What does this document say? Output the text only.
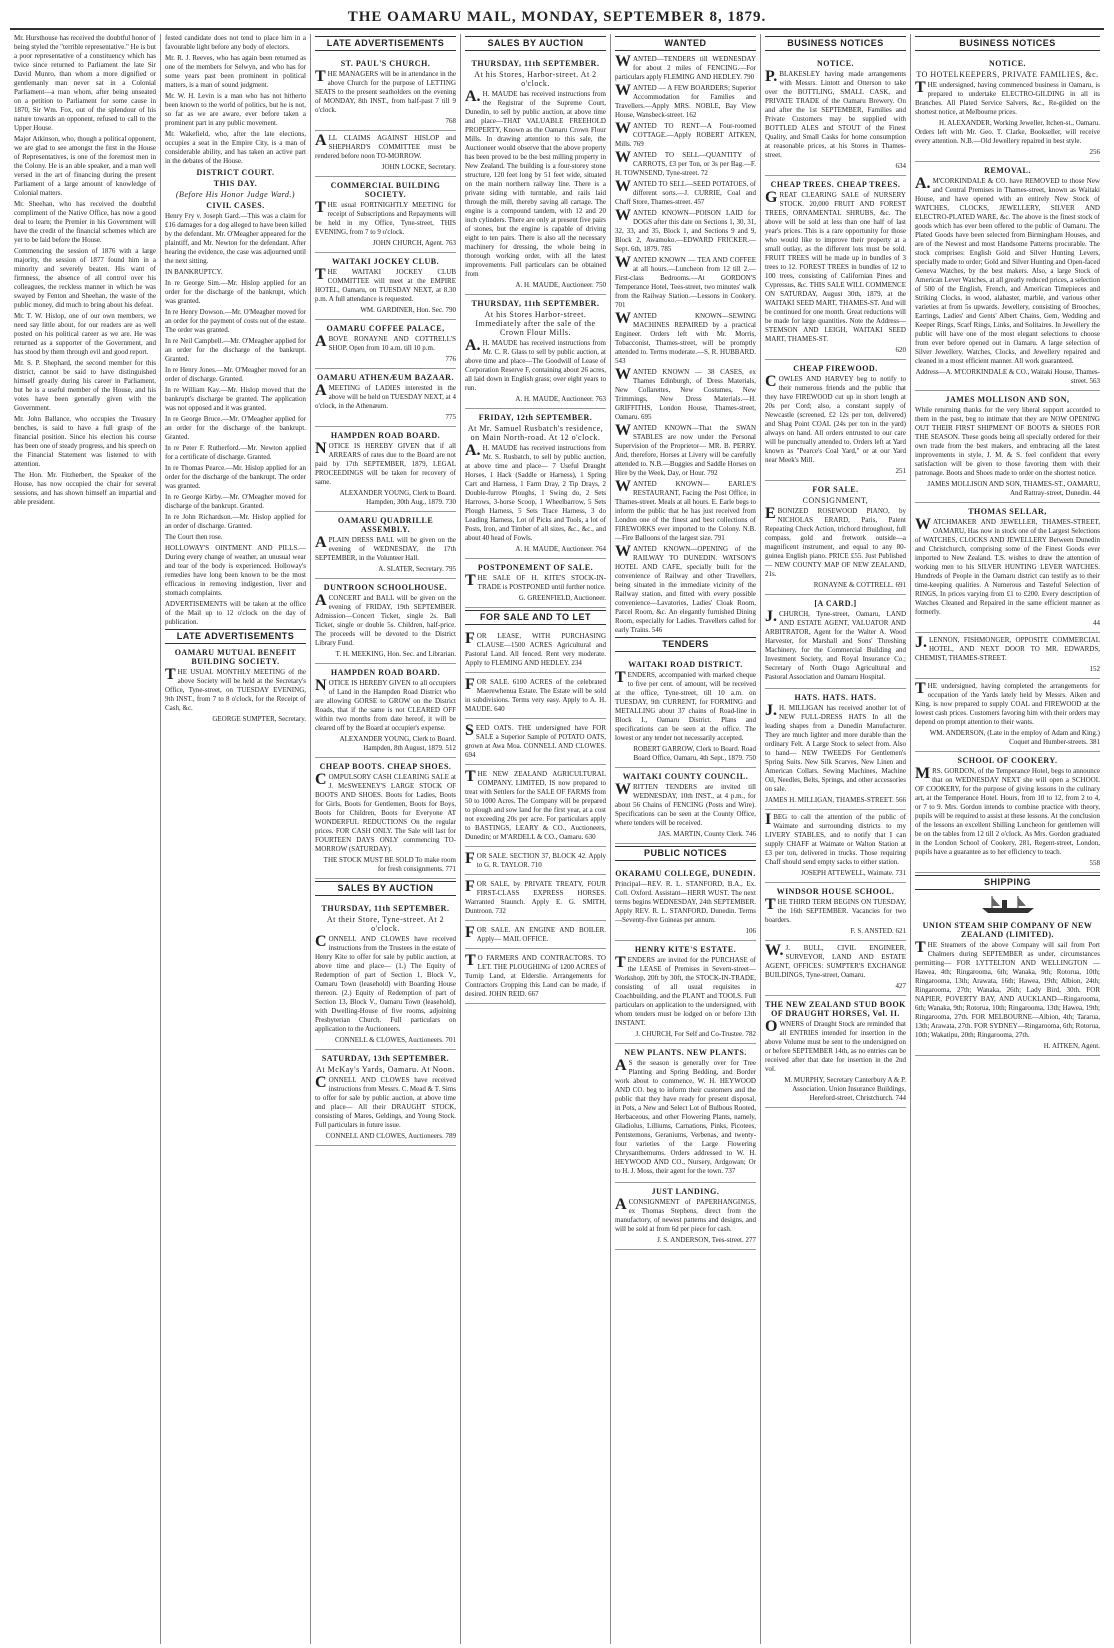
THE OAMARU MAIL, MONDAY, SEPTEMBER 8, 1879.

Mr. Hursthouse has received the doubtful honor of being styled the "terrible representative." He is but a poor representative of a constituency which has twice since returned to Parliament the late Sir David Munro, than whom a more dignified or gentlemanly man never sat in a Colonial Parliament—a man whom, after being unseated on a petition to Parliament for some cause in 1870, Sir Wm. Fox, out of the splendour of his nature towards an opponent, refused to call to the Upper House.

Major Atkinson, who, though a political opponent, we are glad to see amongst the first in the House of Representatives, is one of the foremost men in the Colony. He is an able speaker, and a man well versed in the art of financing during the present Parliament of a large amount of knowledge of Colonial matters.

Mr. Sheehan, who has received the doubtful compliment of the Native Office, has now a good deal to learn; the Premier in his Government will have the credit of the financial schemes which are yet to be laid before the House.

Commencing the session of 1876 with a large majority, the session of 1877 found him in a minority and severely beaten. His want of firmness, the absence of all control over his colleagues, the reckless manner in which he was swayed by Fenton and Sheehan, the waste of the public money, did much to bring about his defeat.

Mr. T. W. Hislop, one of our own members, we need say little about, for our readers are as well posted on his political career as we are. He was returned as a supporter of the Government, and has stood by them through evil and good report.

Mr. S. P. Shephard, the second member for this district, cannot be said to have distinguished himself greatly during his career in Parliament, but he is a useful member of the House, and his votes have been generally given with the Government.

Mr. John Ballance, who occupies the Treasury benches, is said to have a full grasp of the financial position. Since his election his course has been one of steady progress, and his speech on the Financial Statement was listened to with attention.

The Hon. Mr. Fitzherbert, the Speaker of the House, has now occupied the chair for several sessions, and has shown himself an impartial and able president.

fested candidate does not tend to place him in a favourable light before any body of electors.

Mr. R. J. Reeves, who has again been returned as one of the members for Selwyn, and who has for some years past been prominent in political matters, is a man of sound judgment.

Mr. W. H. Levin is a man who has not hitherto been known to the world of politics, but he is not, so far as we are aware, ever before taken a prominent part in any public movement.

Mr. Wakefield, who, after the late elections, occupies a seat in the Empire City, is a man of considerable ability, and has taken an active part in the debates of the House.

DISTRICT COURT.
THIS DAY.
(Before His Honor Judge Ward.)
CIVIL CASES.

Henry Fry v. Joseph Gard.—This was a claim for £16 damages for a dog alleged to have been killed by the defendant. Mr. O'Meagher appeared for the plaintiff, and Mr. Newton for the defendant. After hearing the evidence, the case was adjourned until the next sitting.

IN BANKRUPTCY.

In re George Sim.—Mr. Hislop applied for an order for the discharge of the bankrupt, which was granted.

In re Henry Dowson.—Mr. O'Meagher moved for an order for the payment of costs out of the estate. The order was granted.

In re Neil Campbell.—Mr. O'Meagher applied for an order for the discharge of the bankrupt. Granted.

In re Henry Jones.—Mr. O'Meagher moved for an order of discharge. Granted.

In re William Kay.—Mr. Hislop moved that the bankrupt's discharge be granted. The application was not opposed and it was granted.

In re George Bruce.—Mr. O'Meagher applied for an order for the discharge of the bankrupt. Granted.

In re Peter F. Rutherford.—Mr. Newton applied for a certificate of discharge. Granted.

In re Thomas Pearce.—Mr. Hislop applied for an order for the discharge of the bankrupt. The order was granted.

In re George Kirby.—Mr. O'Meagher moved for discharge of the bankrupt. Granted.

In re John Richardson.—Mr. Hislop applied for an order of discharge. Granted.

The Court then rose.

HOLLOWAY'S OINTMENT AND PILLS.—During every change of weather, an unusual wear and tear of the body is experienced. Holloway's remedies have long been known to be the most efficacious in removing indigestion, liver and stomach complaints.

ADVERTISEMENTS will be taken at the office of the Mail up to 12 o'clock on the day of publication.

LATE ADVERTISEMENTS
OAMARU MUTUAL BENEFIT BUILDING SOCIETY.

THE USUAL MONTHLY MEETING of the above Society will be held at the Secretary's Office, Tyne-street, on TUESDAY EVENING, 9th INST., from 7 to 8 o'clock, for the Receipt of Cash, &c.

GEORGE SUMPTER, Secretary.
LATE ADVERTISEMENTS
ST. PAUL'S CHURCH.

THE MANAGERS will be in attendance in the above Church for the purpose of LETTING SEATS to the present seatholders on the evening of MONDAY, 8th INST., from half-past 7 till 9 o'clock.

768

ALL CLAIMS AGAINST HISLOP and SHEPHARD'S COMMITTEE must be rendered before noon TO-MORROW.

JOHN LOCKE, Secretary.
COMMERCIAL BUILDING SOCIETY.

THE usual FORTNIGHTLY MEETING for receipt of Subscriptions and Repayments will be held in my Office, Tyne-street, THIS EVENING, from 7 to 9 o'clock.

JOHN CHURCH, Agent. 763
WAITAKI JOCKEY CLUB.

THE WAITAKI JOCKEY CLUB COMMITTEE will meet at the EMPIRE HOTEL, Oamaru, on TUESDAY NEXT, at 8.30 p.m. A full attendance is requested.

WM. GARDINER, Hon. Sec. 790
OAMARU COFFEE PALACE,

ABOVE RONAYNE AND COTTRELL'S SHOP. Open from 10 a.m. till 10 p.m.

776
OAMARU ATHENÆUM BAZAAR.

AMEETING of LADIES interested in the above will be held on TUESDAY NEXT, at 4 o'clock, in the Athenæum.

775
HAMPDEN ROAD BOARD.

NOTICE IS HEREBY GIVEN that if all ARREARS of rates due to the Board are not paid by 17th SEPTEMBER, 1879, LEGAL PROCEEDINGS will be taken for recovery of same.

ALEXANDER YOUNG, Clerk to Board. Hampden, 30th Aug., 1879. 730
OAMARU QUADRILLE ASSEMBLY.

APLAIN DRESS BALL will be given on the evening of WEDNESDAY, the 17th SEPTEMBER, in the Volunteer Hall.

A. SLATER, Secretary. 795
DUNTROON SCHOOLHOUSE.

ACONCERT and BALL will be given on the evening of FRIDAY, 19th SEPTEMBER. Admission—Concert Ticket, single 2s. Ball Ticket, single or double 5s. Children, half-price. The proceeds will be devoted to the District Library Fund.

T. H. MEEKING, Hon. Sec. and Librarian.
HAMPDEN ROAD BOARD.

NOTICE IS HEREBY GIVEN to all occupiers of Land in the Hampden Road District who are allowing GORSE to GROW on the District Roads, that if the same is not CLEARED OFF within two months from date hereof, it will be cleared off by the Board at occupier's expense.

ALEXANDER YOUNG, Clerk to Board. Hampden, 8th August, 1879. 512
CHEAP BOOTS. CHEAP SHOES.

COMPULSORY CASH CLEARING SALE at J. McSWEENEY'S LARGE STOCK OF BOOTS AND SHOES. Boots for Ladies, Boots for Girls, Boots for Gentlemen, Boots for Boys, Boots for Children, Boots for Everyone AT WONDERFUL REDUCTIONS On the regular prices. FOR CASH ONLY. The Sale will last for FOURTEEN DAYS ONLY commencing TO-MORROW (SATURDAY).

THE STOCK MUST BE SOLD To make room for fresh consignments. 771
SALES BY AUCTION
THURSDAY, 11th SEPTEMBER.
At their Store, Tyne-street. At 2 o'clock.

CONNELL AND CLOWES have received instructions from the Trustees in the estate of Henry Kite to offer for sale by public auction, at above time and place— (1.) The Equity of Redemption of part of Section 1, Block V., Oamaru Town (leasehold) with Boarding House thereon. (2.) Equity of Redemption of part of Section 13, Block V., Oamaru Town (leasehold), with Dwelling-House of five rooms, adjoining Presbyterian Church. Full particulars on application to the Auctioneers.

CONNELL & CLOWES, Auctioneers. 701
SATURDAY, 13th SEPTEMBER.
At McKay's Yards, Oamaru. At Noon.

CONNELL AND CLOWES have received instructions from Messrs. C. Mead & T. Sims to offer for sale by public auction, at above time and place— All their DRAUGHT STOCK, consisting of Mares, Geldings, and Young Stock. Full particulars in future issue.

CONNELL AND CLOWES, Auctioneers. 789
SALES BY AUCTION
THURSDAY, 11th SEPTEMBER.
At his Stores, Harbor-street. At 2 o'clock.

A.H. MAUDE has received instructions from the Registrar of the Supreme Court, Dunedin, to sell by public auction, at above time and place—THAT VALUABLE FREEHOLD PROPERTY, Known as the Oamaru Crown Flour Mills. In drawing attention to this sale, the Auctioneer would observe that the above property has been proved to be the best milling property in New Zealand. The building is a four-storey stone structure, 120 feet long by 51 feet wide, situated on the main northern railway line. There is a private siding with turntable, and rails laid through the mill, thereby saving all cartage. The engine is a compound tandem, with 12 and 20 inch cylinders. There are only at present five pairs of stones, but the engine is capable of driving eight to ten pairs. There is also all the necessary machinery for dressing, the whole being in thorough working order, with all the latest improvements. Full particulars can be obtained from

A. H. MAUDE, Auctioneer. 750
THURSDAY, 11th SEPTEMBER.
At his Stores Harbor-street. Immediately after the sale of the Crown Flour Mills.

A.H. MAUDE has received instructions from Mr. C. R. Glass to sell by public auction, at above time and place—The Goodwill of Lease of Corporation Reserve F, containing about 26 acres, all laid down in English grass; over eight years to run.

A. H. MAUDE, Auctioneer. 763
FRIDAY, 12th SEPTEMBER.
At Mr. Samuel Rusbatch's residence, on Main North-road. At 12 o'clock.

A.H. MAUDE has received instructions from Mr. S. Rusbatch, to sell by public auction, at above time and place— 7 Useful Draught Horses, 1 Hack (Saddle or Harness), 1 Spring Cart and Harness, 1 Farm Dray, 2 Tip Drays, 2 Double-furrow Ploughs, 1 Swing do, 2 Sets Harrows, 3-horse Scoop, 1 Wheelbarrow, 5 Sets Plough Harness, 5 Sets Trace Harness, 3 do Leading Harness, Lot of Picks and Tools, a lot of Posts, Iron, and Timber of all sizes, &c., &c., and about 40 head of Fowls.

A. H. MAUDE, Auctioneer. 764
POSTPONEMENT OF SALE.

THE SALE OF H. KITE'S STOCK-IN-TRADE is POSTPONED until further notice.

G. GREENFIELD, Auctioneer.
FOR SALE AND TO LET

FOR LEASE, WITH PURCHASING CLAUSE—1500 ACRES Agricultural and Pastoral Land. All fenced. Rent very moderate. Apply to FLEMING AND HEDLEY. 234

FOR SALE. 6100 ACRES of the celebrated Maerewhenua Estate. The Estate will be sold in subdivisions. Terms very easy. Apply to A. H. MAUDE. 640

SEED OATS. THE undersigned have FOR SALE a Superior Sample of POTATO OATS, grown at Awa Moa. CONNELL AND CLOWES. 694

THE NEW ZEALAND AGRICULTURAL COMPANY, LIMITED, IS now prepared to treat with Settlers for the SALE OF FARMS from 50 to 1000 Acres. The Company will be prepared to plough and sow land for the first year, at a cost not exceeding 20s per acre. For particulars apply to BASTINGS, LEARY & CO., Auctioneers, Dunedin; or M'ARDELL & CO., Oamaru. 630

FOR SALE. SECTION 37, BLOCK 42. Apply to G. R. TAYLOR. 710

FOR SALE, by PRIVATE TREATY, FOUR FIRST-CLASS EXPRESS HORSES. Warranted Staunch. Apply E. G. SMITH, Duntroon. 732

FOR SALE. AN ENGINE AND BOILER. Apply— MAIL OFFICE.

TO FARMERS AND CONTRACTORS. TO LET. THE PLOUGHING of 1200 ACRES of Turnip Land, at Elderslie. Arrangements for Contractors Cropping this Land can be made, if desired. JOHN REID. 667

WANTED

WANTED—TENDERS till WEDNESDAY for about 2 miles of FENCING.—For particulars apply FLEMING AND HEDLEY. 790

WANTED — A FEW BOARDERS; Superior Accommodation for Families and Travellers.—Apply MRS. NOBLE, Bay View House, Wansbeck-street. 162

WANTED TO RENT—A Four-roomed COTTAGE.—Apply ROBERT AITKEN, Mills. 769

WANTED TO SELL—QUANTITY of CARROTS, £3 per Ton, or 3s per Bag.—F. H. TOWNSEND, Tyne-street. 72

WANTED TO SELL—SEED POTATOES, of different sorts.—J. CURRIE, Coal and Chaff Store, Thames-street. 457

WANTED KNOWN—POISON LAID for DOGS after this date on Sections 1, 30, 31, 32, 33, and 35, Block 1, and Sections 9 and 9, Block 2, Awamoko.—EDWARD FRICKER.—Sept. 6th, 1879. 785

WANTED KNOWN — TEA AND COFFEE at all hours.—Luncheon from 12 till 2.—First-class Bedrooms.—At GORDON'S Temperance Hotel, Tees-street, two minutes' walk from the Railway Station.—Lessons in Cookery. 701

WANTED KNOWN—SEWING MACHINES REPAIRED by a practical Engineer. Orders left with Mr. Morris, Tobacconist, Thames-street, will be promptly attended to. Terms moderate.—S. R. HUBBARD. 543

WANTED KNOWN — 38 CASES, ex Thames Edinburgh, of Dress Materials, New Collarettes, New Costumes, New Trimmings, New Dress Materials.—H. GRIFFITHS, London House, Thames-street, Oamaru. 695

WANTED KNOWN—That the SWAN STABLES are now under the Personal Supervision of the Proprietor— MR. B. PERRY. And, therefore, Horses at Livery will be carefully attended to. N.B.—Buggies and Saddle Horses on Hire by the Week, Day, or Hour. 792

WANTED KNOWN— EARLE'S RESTAURANT, Facing the Post Office, in Thames-street. Meals at all hours. E. Earle begs to inform the public that he has just received from London one of the finest and best collections of FIREWORKS ever imported to the Colony. N.B.—Fire Balloons of the largest size. 791

WANTED KNOWN—OPENING of the RAILWAY TO DUNEDIN. WATSON'S HOTEL AND CAFE, specially built for the convenience of Railway and other Travellers, being situated in the immediate vicinity of the Railway station, and fitted with every possible convenience—Lavatories, Ladies' Cloak Room, Parcel Room, &c. An elegantly furnished Dining Room, especially for Ladies. Travellers called for early Trains. 546

TENDERS
WAITAKI ROAD DISTRICT.

TENDERS, accompanied with marked cheque to five per cent. of amount, will be received at the office, Tyne-street, till 10 a.m. on TUESDAY, 9th CURRENT, for FORMING and METALLING about 37 chains of Road-line in Block I., Oamaru District. Plans and specifications can be seen at the office. The lowest or any tender not necessarily accepted.

ROBERT GARROW, Clerk to Board. Road Board Office, Oamaru, 4th Sept., 1879. 750
WAITAKI COUNTY COUNCIL.

WRITTEN TENDERS are invited till WEDNESDAY, 10th INST., at 4 p.m., for about 56 Chains of FENCING (Posts and Wire). Specifications can be seen at the County Office, where tenders will be received.

JAS. MARTIN, County Clerk. 746
PUBLIC NOTICES
OKARAMU COLLEGE, DUNEDIN.

Principal—REV. R. L. STANFORD, B.A., Ex. Coll. Oxford. Assistant—HERR WUST. The next terms begins WEDNESDAY, 24th SEPTEMBER. Apply REV. R. L. STANFORD, Dunedin. Terms—Seventy-five Guineas per annum.

106
HENRY KITE'S ESTATE.

TENDERS are invited for the PURCHASE of the LEASE of Premises in Severn-street—Workshop, 20ft by 30ft, the STOCK-IN-TRADE, consisting of all usual requisites in Coachbuilding, and the PLANT and TOOLS. Full particulars on application to the undersigned, with whom tenders must be lodged on or before 13th INSTANT.

J. CHURCH, For Self and Co-Trustee. 782
NEW PLANTS. NEW PLANTS.

AS the season is generally over for Tree Planting and Spring Bedding, and Border work about to commence, W. H. HEYWOOD AND CO. beg to inform their customers and the public that they have ready for present disposal, in Pots, a New and Select Lot of Bulbous Rooted, Herbaceous, and other Flowering Plants, namely, Gladiolus, Lilliums, Carnations, Pinks, Picotees, Pentstemons, Geraniums, Verbenas, and twenty-four varieties of the Large Flowering Chrysanthemums. Orders addressed to W. H. HEYWOOD AND CO., Nursery, Ardgowan; Or to H. J. Moss, their agent for the town. 737

JUST LANDING.

ACONSIGNMENT of PAPERHANGINGS, ex Thomas Stephens, direct from the manufactory, of newest patterns and designs, and will be sold at from 6d per piece for cash.

J. S. ANDERSON, Tees-street. 277
BUSINESS NOTICES
NOTICE.

P.BLAKESLEY having made arrangements with Messrs. Lintott and Otterson to take over the BOTTLING, SMALL CASK, and PRIVATE TRADE of the Oamaru Brewery. On and after the 1st SEPTEMBER, Families and Private Customers may be supplied with BOTTLED ALES and STOUT of the Finest Quality, and Small Casks for home consumption at reasonable prices, at his Stores in Thames-street.

634
CHEAP TREES. CHEAP TREES.

GREAT CLEARING SALE of NURSERY STOCK. 20,000 FRUIT AND FOREST TREES, ORNAMENTAL SHRUBS, &c. The above will be sold at less than one half of last year's prices. This is a rare opportunity for those who would like to improve their property at a small outlay, as the different lots must be sold. FRUIT TREES will be made up in bundles of 3 trees to 12. FOREST TREES in bundles of 12 to 100 trees, consisting of Californian Pines and Cypressus, &c. THIS SALE WILL COMMENCE ON SATURDAY, August 30th, 1879, at the WAITAKI SEED MART, THAMES-ST. And will be continued for one month. Great reductions will be made for large quantities. Note the Address— STEMSON AND LEIGH, WAITAKI SEED MART, THAMES-ST.

620
CHEAP FIREWOOD.

COWLES AND HARVEY beg to notify to their numerous friends and the public that they have FIREWOOD cut up in short length at 20s per Cord; also, a constant supply of Newcastle (screened, £2 12s per ton, delivered) and Shag Point COAL (24s per ton in the yard) always on hand. All orders entrusted to our care will be punctually attended to. Orders left at Yard known as "Pearce's Coal Yard," or at our Yard near Meek's Mill.

251
FOR SALE.
CONSIGNMENT,

EBONIZED ROSEWOOD PIANO, by NICHOLAS ERARD, Paris, Patent Repeating Check Action, trichord throughout, full compass, gold and fretwork outside—a magnificent instrument, and equal to any 80-guinea English piano. PRICE £55. Just Published— NEW COUNTY MAP OF NEW ZEALAND, 21s.

RONAYNE & COTTRELL. 691
[A CARD.]

J.CHURCH, Tyne-street, Oamaru, LAND AND ESTATE AGENT, VALUATOR AND ARBITRATOR, Agent for the Walter A. Wood Harvester, for Marshall and Sons' Threshing Machinery, for the Commercial Building and Investment Society, and Royal Insurance Co.; Secretary of North Otago Agricultural and Pastoral Association and Oamaru Hospital.

HATS. HATS. HATS.

J.H. MILLIGAN has received another lot of NEW FULL-DRESS HATS In all the leading shapes from a Dunedin Manufacturer. They are much lighter and more durable than the ordinary Felt. A Large Stock to select from. Also to hand— NEW TWEEDS For Gentlemen's Spring Suits. New Silk Scarves, New Linen and American Collars. Sewing Machines, Machine Oil, Needles, Belts, Springs, and other accessories on sale.

JAMES H. MILLIGAN, THAMES-STREET. 566

IBEG to call the attention of the public of Waimate and surrounding districts to my LIVERY STABLES, and to notify that I can supply CHAFF at Waimate or Walton Station at £3 per ton, delivered in trucks. Those requiring Chaff should send empty sacks to either station.

JOSEPH ATTEWELL, Waimate. 731
WINDSOR HOUSE SCHOOL.

THE THIRD TERM BEGINS ON TUESDAY, the 16th SEPTEMBER. Vacancies for two boarders.

F. S. ANSTED. 621

W.J. BULL, CIVIL ENGINEER, SURVEYOR, LAND AND ESTATE AGENT, OFFICES: SUMPTER'S EXCHANGE BUILDINGS, Tyne-street, Oamaru.

427
THE NEW ZEALAND STUD BOOK OF DRAUGHT HORSES, Vol. II.

OWNERS of Draught Stock are reminded that all ENTRIES intended for insertion in the above Volume must be sent to the undersigned on or before SEPTEMBER 14th, as no entries can be received after that date for insertion in the 2nd vol.

M. MURPHY, Secretary Canterbury A & P. Association. Union Insurance Buildings, Hereford-street, Christchurch. 744
BUSINESS NOTICES
NOTICE.
TO HOTELKEEPERS, PRIVATE FAMILIES, &c.

THE undersigned, having commenced business in Oamaru, is prepared to undertake ELECTRO-GILDING in all its Branches. All Plated Service Salvers, &c., Re-gilded on the shortest notice, at Melbourne prices.

H. ALEXANDER, Working Jeweller, Itchen-st., Oamaru.

Orders left with Mr. Geo. T. Clarke, Bookseller, will receive every attention. N.B.—Old Jewellery repaired in best style.

256
REMOVAL.

A.M'CORKINDALE & CO. have REMOVED to those New and Central Premises in Thames-street, known as Waitaki House, and have opened with an entirely New Stock of WATCHES, CLOCKS, JEWELLERY, SILVER AND ELECTRO-PLATED WARE, &c. The above is the finest stock of goods which has ever been offered to the public of Oamaru. The Plated Goods have been selected from Birmingham Houses, and are of the Newest and most Handsome Patterns procurable. The stock comprises: English Gold and Silver Hunting Levers, specially made to order; Gold and Silver Hunting and Open-faced Geneva Watches, by the best makers. Also, a large Stock of American Lever Watches, at all greatly reduced prices, a selection of 500 of the English, French, and American Timepieces and Striking Clocks, in wood, alabaster, marble, and various other varieties at from 5s upwards. Jewellery, consisting of Brooches, Earrings, Ladies' and Gents' Albert Chains, Gem, Wedding and Keeper Rings, Scarf Rings, Links, and Solitaires. In Jewellery the public will have one of the most elegant selections to choose from ever before opened out in Oamaru. A large selection of Silver Jewellery. Watches, Clocks, and Jewellery repaired and cleaned in a most efficient manner. All work guaranteed.

Address—A. M'CORKINDALE & CO., Waitaki House, Thames-street. 563
JAMES MOLLISON AND SON,

While returning thanks for the very liberal support accorded to them in the past, beg to intimate that they are NOW OPENING OUT THEIR FIRST SHIPMENT OF BOOTS & SHOES FOR THE SEASON. These goods being all specially ordered for their own trade from the best makers, and embracing all the latest improvements in style, J. M. & S. feel confident that every satisfaction will be given to those favoring them with their patronage. Boots and Shoes made to order on the shortest notice.

JAMES MOLLISON AND SON, THAMES-ST., OAMARU, And Rattray-street, Dunedin. 44
THOMAS SELLAR,

WATCHMAKER AND JEWELLER, THAMES-STREET, OAMARU, Has now in stock one of the Largest Selections of WATCHES, CLOCKS AND JEWELLERY Between Dunedin and Christchurch, comprising some of the Finest Goods ever imported to New Zealand. T.S. wishes to draw the attention of working men to his SILVER HUNTING LEVER WATCHES. Hundreds of People in the Oamaru district can testify as to their time-keeping qualities. A Numerous and Tasteful Selection of RINGS, In prices varying from £1 to £200. Every description of Watches Cleaned and Repaired in the same efficient manner as formerly.

44

J.LENNON, FISHMONGER, OPPOSITE COMMERCIAL HOTEL, AND NEXT DOOR TO MR. EDWARDS, CHEMIST, THAMES-STREET.

152

THE undersigned, having completed the arrangements for occupation of the Yards lately held by Messrs. Aiken and King, is now prepared to supply COAL and FIREWOOD at the lowest cash prices. Customers favoring him with their orders may depend on prompt attention to their wants.

WM. ANDERSON, (Late in the employ of Adam and King.) Coquet and Humber-streets. 381
SCHOOL OF COOKERY.

MRS. GORDON, of the Temperance Hotel, begs to announce that on WEDNESDAY NEXT she will open a SCHOOL OF COOKERY, for the purpose of giving lessons in the culinary art, at the Temperance Hotel. Hours, from 10 to 12, from 2 to 4, or 7 to 9. Mrs. Gordon intends to combine practice with theory, pupils will be required to assist at these lessons. At the conclusion of the lessons an excellent Shilling Luncheon for gentlemen will be on the tables from 12 till 2 o'clock. As Mrs. Gordon graduated in the London School of Cookery, 281, Regent-street, London, pupils have a guarantee as to her efficiency to teach.

558
SHIPPING
UNION STEAM SHIP COMPANY OF NEW ZEALAND (LIMITED).

THE Steamers of the above Company will sail from Port Chalmers during SEPTEMBER as under, circumstances permitting— FOR LYTTELTON AND WELLINGTON — Hawea, 4th; Ringarooma, 6th; Wanaka, 9th; Rotorua, 10th; Ringarooma, 13th; Arawata, 16th; Hawea, 19th; Albion, 24th; Ringarooma, 27th; Wanaka, 26th; Lady Bird, 30th. FOR NAPIER, POVERTY BAY, AND AUCKLAND—Ringarooma, 6th; Wanaka, 9th; Rotorua, 10th; Ringarooma, 13th; Hawea, 19th; Ringarooma, 27th. FOR MELBOURNE—Albion, 4th; Tararua, 13th; Arawata, 27th. FOR SYDNEY—Ringarooma, 6th; Rotorua, 10th; Wakatipu, 20th; Ringarooma, 27th.

H. AITKEN, Agent.
